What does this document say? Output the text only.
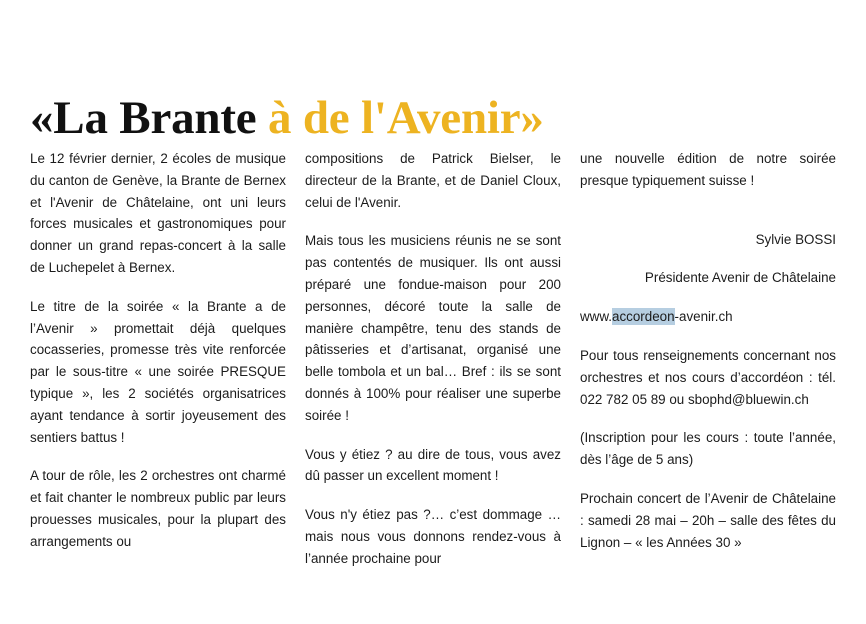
«La Brante à de l'Avenir»

Le 12 février dernier, 2 écoles de musique du canton de Genève, la Brante de Bernex et l'Avenir de Châtelaine, ont uni leurs forces musicales et gastronomiques pour donner un grand repas-concert à la salle de Luchepelet à Bernex.

Le titre de la soirée « la Brante a de l’Avenir » promettait déjà quelques cocasseries, promesse très vite renforcée par le sous-titre « une soirée PRESQUE typique », les 2 sociétés organisatrices ayant tendance à sortir joyeusement des sentiers battus !

A tour de rôle, les 2 orchestres ont charmé et fait chanter le nombreux public par leurs prouesses musicales, pour la plupart des arrangements ou

compositions de Patrick Bielser, le directeur de la Brante, et de Daniel Cloux, celui de l'Avenir.

Mais tous les musiciens réunis ne se sont pas contentés de musiquer. Ils ont aussi préparé une fondue-maison pour 200 personnes, décoré toute la salle de manière champêtre, tenu des stands de pâtisseries et d’artisanat, organisé une belle tombola et un bal… Bref : ils se sont donnés à 100% pour réaliser une superbe soirée !

Vous y étiez ? au dire de tous, vous avez dû passer un excellent moment !

Vous n'y étiez pas ?… c’est dommage … mais nous vous donnons rendez-vous à l’année prochaine pour

une nouvelle édition de notre soirée presque typiquement suisse !

Sylvie BOSSI

Présidente Avenir de Châtelaine

www.accordeon-avenir.ch

Pour tous renseignements concernant nos orchestres et nos cours d’accordéon : tél. 022 782 05 89 ou sbophd@bluewin.ch

(Inscription pour les cours : toute l’année, dès l’âge de 5 ans)

Prochain concert de l’Avenir de Châtelaine : samedi 28 mai – 20h – salle des fêtes du Lignon – « les Années 30 »
